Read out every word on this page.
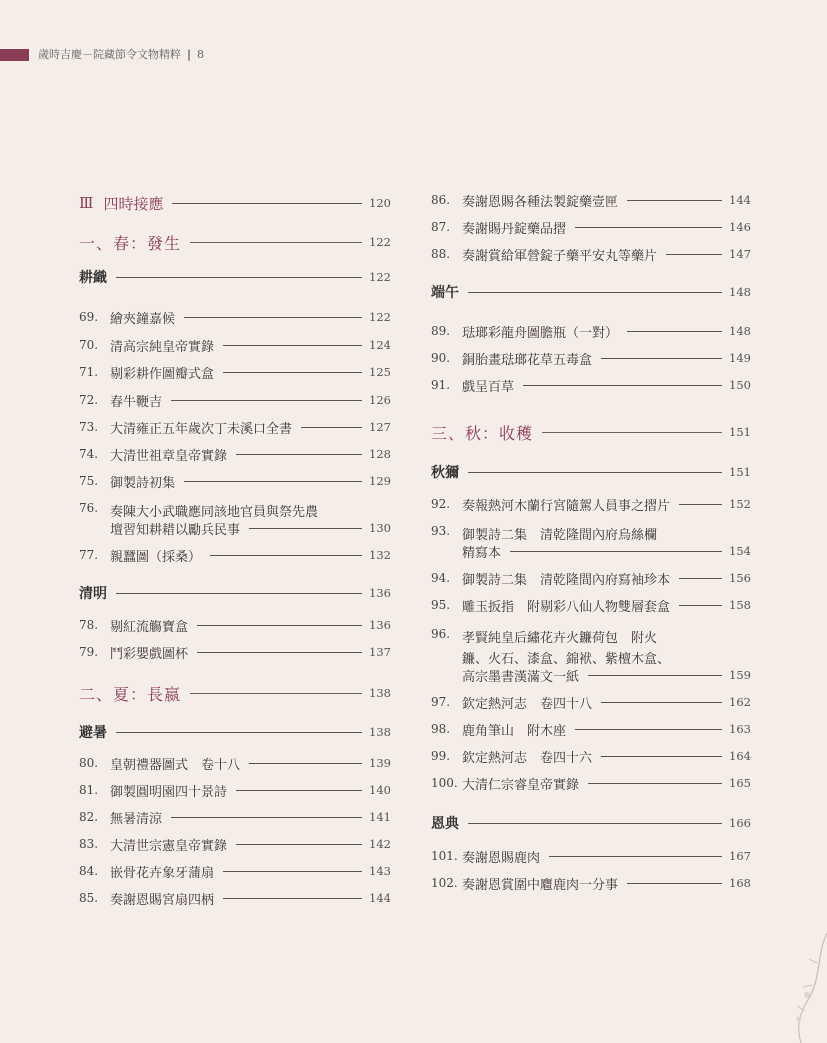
歲時吉慶－院藏節令文物精粹 | 8
Ⅲ 四時接應	120
一、春：發生	122
耕織	122
69. 繪夾鐘嘉候	122
70. 清高宗純皇帝實錄	124
71. 剔彩耕作圖瓣式盒	125
72. 春牛鞭吉	126
73. 大清雍正五年歲次丁未溪口全書	127
74. 大清世祖章皇帝實錄	128
75. 御製詩初集	129
76. 奏陳大小武職應同該地官員與祭先農
壇習知耕耤以勵兵民事	130
77. 親蠶圖（採桑）	132
清明	136
78. 剔紅流觴寶盒	136
79. 鬥彩嬰戲圖杯	137
二、夏：長嬴	138
避暑	138
80. 皇朝禮器圖式　卷十八	139
81. 御製圓明園四十景詩	140
82. 無暑清涼	141
83. 大清世宗憲皇帝實錄	142
84. 嵌骨花卉象牙蒲扇	143
85. 奏謝恩賜宮扇四柄	144
86. 奏謝恩賜各種法製錠藥壹匣	144
87. 奏謝賜丹錠藥品摺	146
88. 奏謝賞給軍營錠子藥平安丸等藥片	147
端午	148
89. 琺瑯彩龍舟圖膽瓶（一對）	148
90. 銅胎畫琺瑯花草五毒盒	149
91. 戲呈百草	150
三、秋：收穫	151
秋獮	151
92. 奏報熱河木蘭行宮隨駕人員事之摺片	152
93. 御製詩二集　清乾隆間內府烏絲欄
精寫本	154
94. 御製詩二集　清乾隆間內府寫袖珍本	156
95. 雕玉扳指　附剔彩八仙人物雙層套盒	158
96. 孝賢純皇后繡花卉火鐮荷包　附火
鐮、火石、漆盒、錦袱、紫檀木盒、
高宗墨書漢滿文一紙	159
97. 欽定熱河志　卷四十八	162
98. 鹿角筆山　附木座	163
99. 欽定熱河志　卷四十六	164
100. 大清仁宗睿皇帝實錄	165
恩典	166
101. 奏謝恩賜鹿肉	167
102. 奏謝恩賞圍中麅鹿肉一分事	168
